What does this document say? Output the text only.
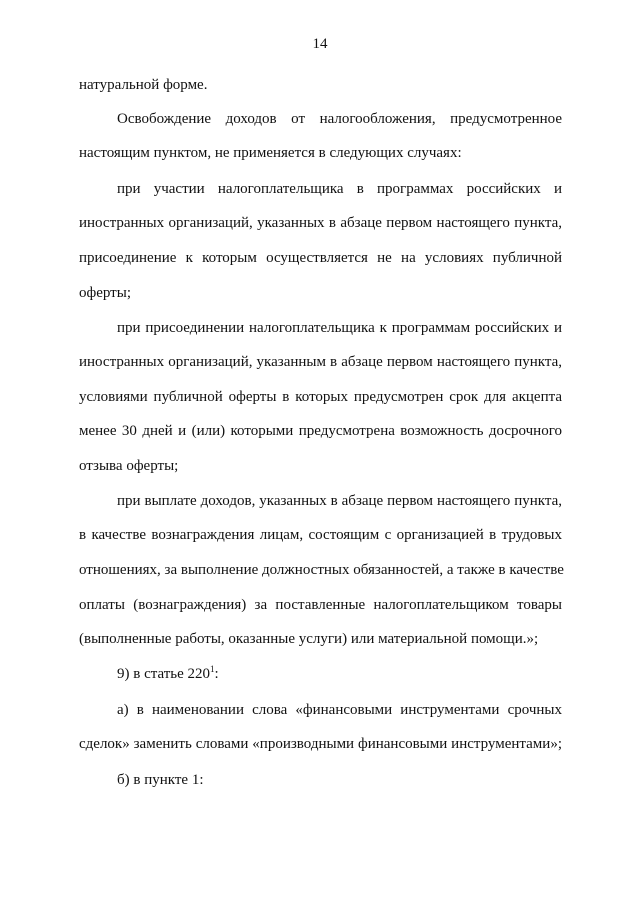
14
натуральной форме.
Освобождение доходов от налогообложения, предусмотренное
настоящим пунктом, не применяется в следующих случаях:
при участии налогоплательщика в программах российских и
иностранных организаций, указанных в абзаце первом настоящего пункта,
присоединение к которым осуществляется не на условиях публичной
оферты;
при присоединении налогоплательщика к программам российских и
иностранных организаций, указанным в абзаце первом настоящего пункта,
условиями публичной оферты в которых предусмотрен срок для акцепта
менее 30 дней и (или) которыми предусмотрена возможность досрочного
отзыва оферты;
при выплате доходов, указанных в абзаце первом настоящего пункта,
в качестве вознаграждения лицам, состоящим с организацией в трудовых
отношениях, за выполнение должностных обязанностей, а также в качестве
оплаты (вознаграждения) за поставленные налогоплательщиком товары
(выполненные работы, оказанные услуги) или материальной помощи.»;
9) в статье $220^1$:
а) в наименовании слова «финансовыми инструментами срочных
сделок» заменить словами «производными финансовыми инструментами»;
б) в пункте 1:
